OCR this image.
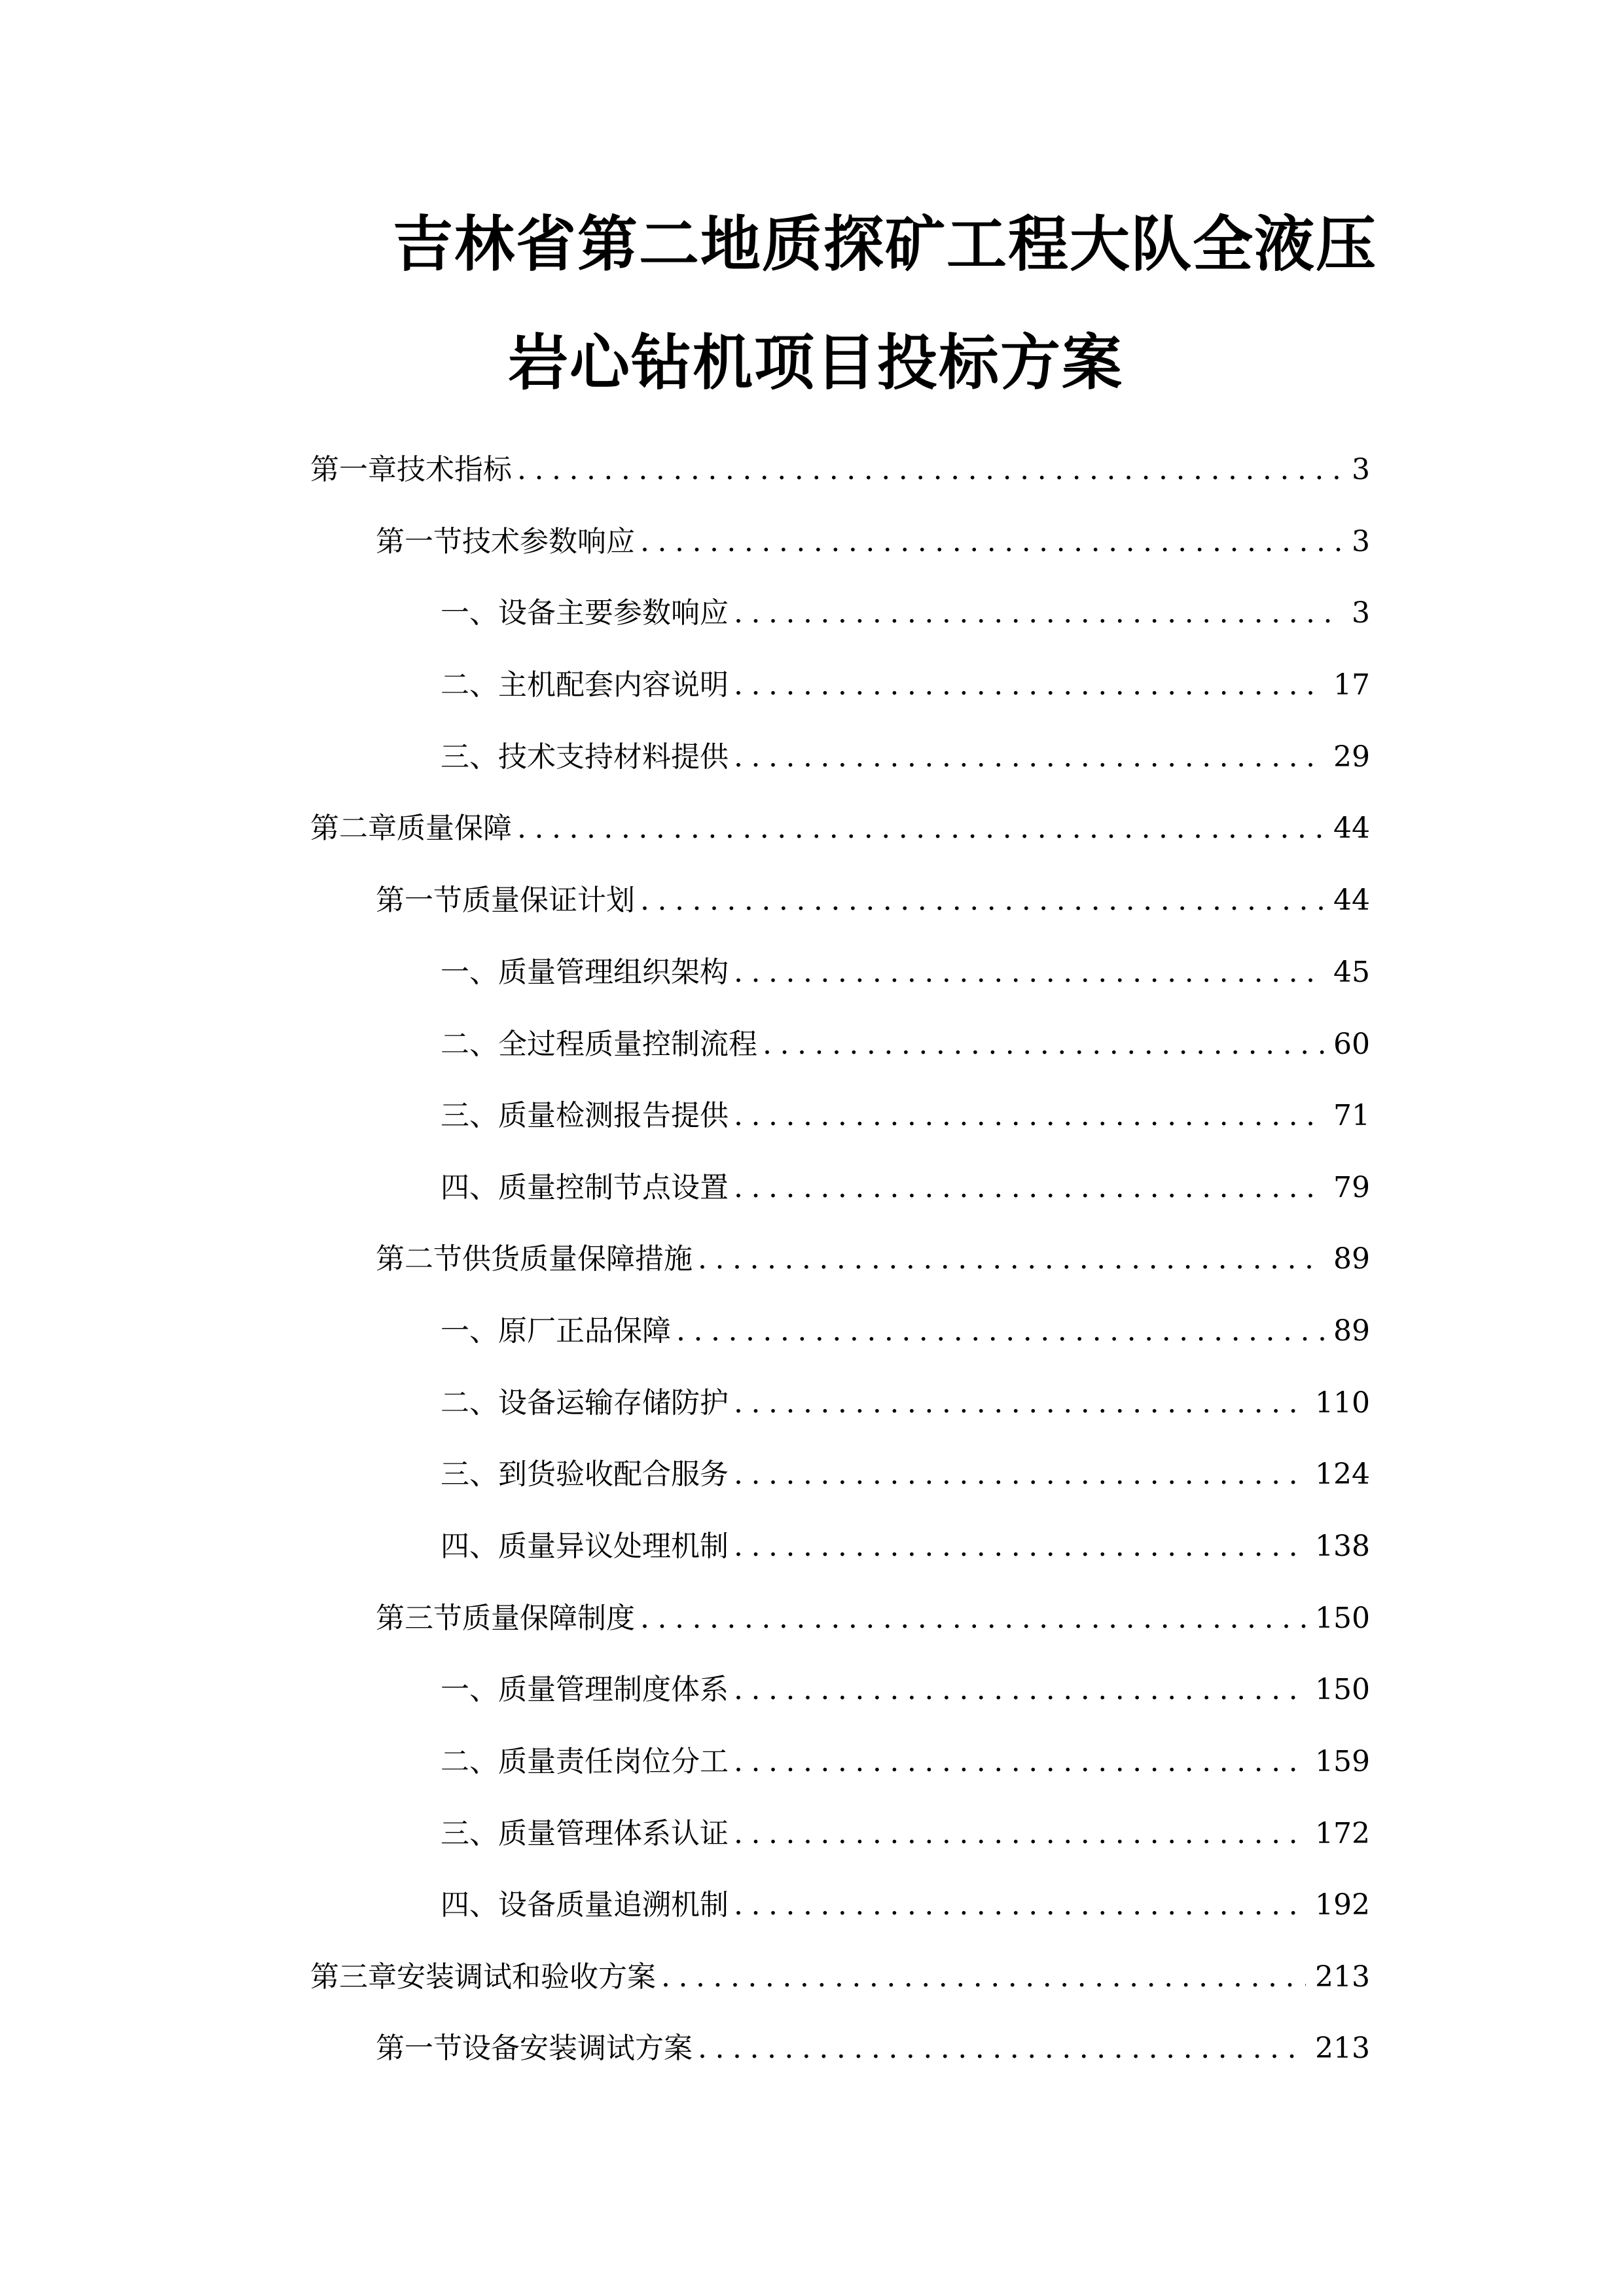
吉林省第二地质探矿工程大队全液压
岩心钻机项目投标方案
第一章 技术指标 .....	3
第一节 技术参数响应 .....	3
一、 设备主要参数响应 .....	3
二、 主机配套内容说明 .....	17
三、 技术支持材料提供 .....	29
第二章 质量保障 .....	44
第一节 质量保证计划 .....	44
一、 质量管理组织架构 .....	45
二、 全过程质量控制流程 .....	60
三、 质量检测报告提供 .....	71
四、 质量控制节点设置 .....	79
第二节 供货质量保障措施 .....	89
一、 原厂正品保障 .....	89
二、 设备运输存储防护 .....	110
三、 到货验收配合服务 .....	124
四、 质量异议处理机制 .....	138
第三节 质量保障制度 .....	150
一、 质量管理制度体系 .....	150
二、 质量责任岗位分工 .....	159
三、 质量管理体系认证 .....	172
四、 设备质量追溯机制 .....	192
第三章 安装调试和验收方案 .....	213
第一节 设备安装调试方案 .....	213
